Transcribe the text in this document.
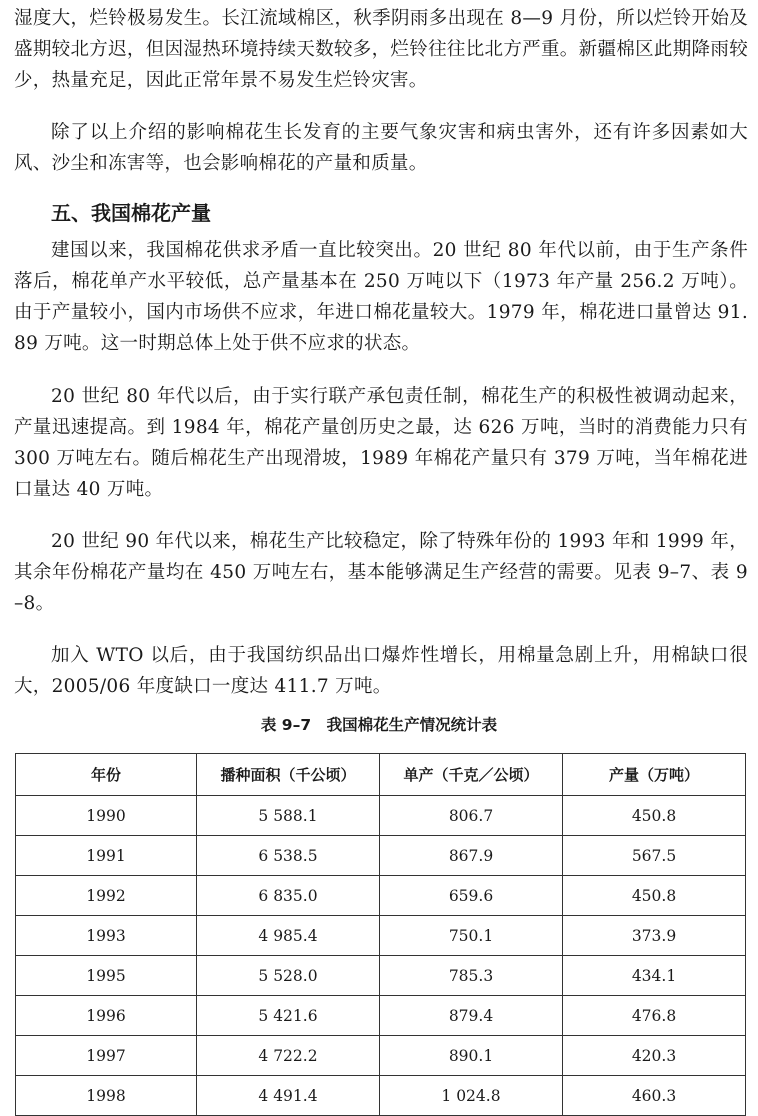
湿度大，烂铃极易发生。长江流域棉区，秋季阴雨多出现在 8—9 月份，所以烂铃开始及盛期较北方迟，但因湿热环境持续天数较多，烂铃往往比北方严重。新疆棉区此期降雨较少，热量充足，因此正常年景不易发生烂铃灾害。

除了以上介绍的影响棉花生长发育的主要气象灾害和病虫害外，还有许多因素如大风、沙尘和冻害等，也会影响棉花的产量和质量。

五、我国棉花产量

建国以来，我国棉花供求矛盾一直比较突出。20 世纪 80 年代以前，由于生产条件落后，棉花单产水平较低，总产量基本在 250 万吨以下（1973 年产量 256.2 万吨）。由于产量较小，国内市场供不应求，年进口棉花量较大。1979 年，棉花进口量曾达 91.89 万吨。这一时期总体上处于供不应求的状态。

20 世纪 80 年代以后，由于实行联产承包责任制，棉花生产的积极性被调动起来，产量迅速提高。到 1984 年，棉花产量创历史之最，达 626 万吨，当时的消费能力只有 300 万吨左右。随后棉花生产出现滑坡，1989 年棉花产量只有 379 万吨，当年棉花进口量达 40 万吨。

20 世纪 90 年代以来，棉花生产比较稳定，除了特殊年份的 1993 年和 1999 年，其余年份棉花产量均在 450 万吨左右，基本能够满足生产经营的需要。见表 9–7、表 9–8。

加入 WTO 以后，由于我国纺织品出口爆炸性增长，用棉量急剧上升，用棉缺口很大，2005/06 年度缺口一度达 411.7 万吨。

表 9–7　我国棉花生产情况统计表

年份	播种面积（千公顷）	单产（千克／公顷）	产量（万吨）
1990	5 588.1	806.7	450.8
1991	6 538.5	867.9	567.5
1992	6 835.0	659.6	450.8
1993	4 985.4	750.1	373.9
1995	5 528.0	785.3	434.1
1996	5 421.6	879.4	476.8
1997	4 722.2	890.1	420.3
1998	4 491.4	1 024.8	460.3
